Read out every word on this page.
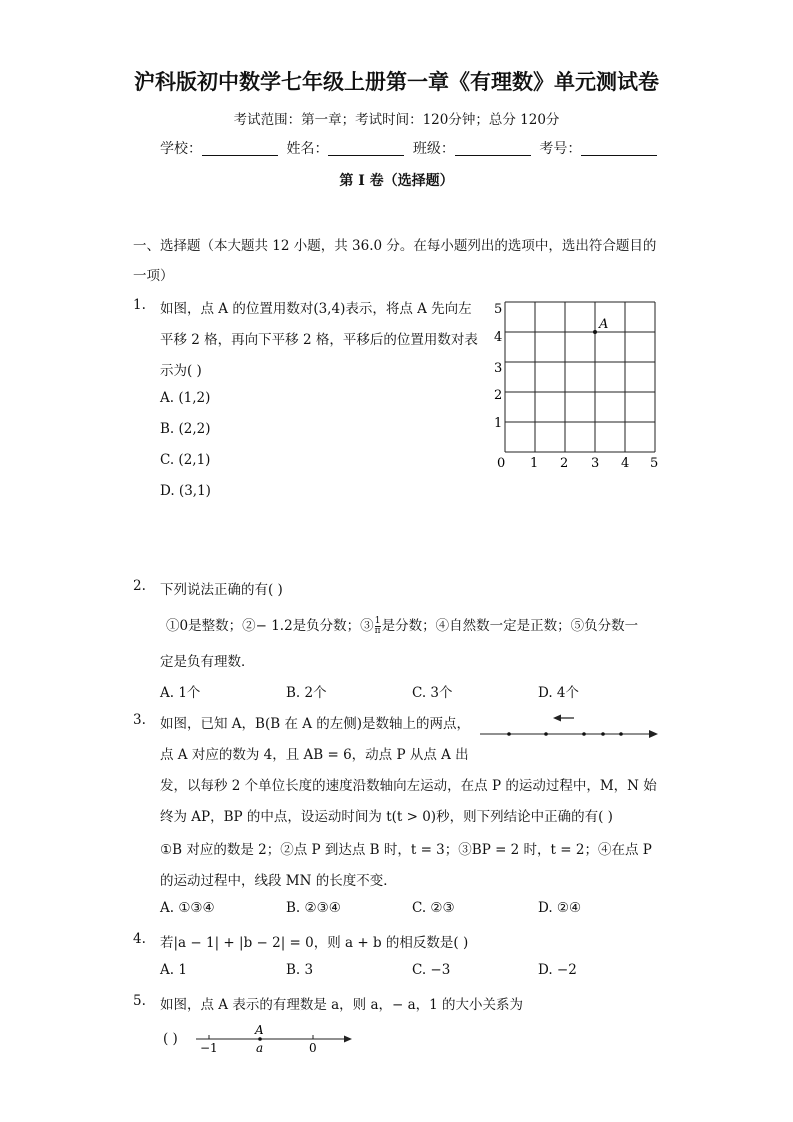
沪科版初中数学七年级上册第一章《有理数》单元测试卷
考试范围：第一章；考试时间：120分钟；总分 120分
学校：	姓名：	班级：	考号：
第 I 卷（选择题）
一、选择题（本大题共 12 小题，共 36.0 分。在每小题列出的选项中，选出符合题目的
一项）
1. 如图，点 A 的位置用数对(3,4)表示，将点 A 先向左
平移 2 格，再向下平移 2 格，平移后的位置用数对表
示为( )
A. (1,2)
B. (2,2)
C. (2,1)
D. (3,1)
A
0 1 2 3 4 5
1
2
3
4
5
A
−1	a	0
2. 下列说法正确的有( )
①0是整数；②− 1.2是负分数；③ $\frac{1}{\pi}$ 是分数；④自然数一定是正数；⑤负分数一
定是负有理数．
A. 1个	B. 2个	C. 3个	D. 4个
3. 如图，已知 A，B(B 在 A 的左侧)是数轴上的两点，
点 A 对应的数为 4，且 AB = 6，动点 P 从点 A 出
发，以每秒 2 个单位长度的速度沿数轴向左运动，在点 P 的运动过程中，M，N 始
终为 AP，BP 的中点，设运动时间为 t(t > 0)秒，则下列结论中正确的有( )
①B 对应的数是 2；②点 P 到达点 B 时，t = 3；③BP = 2 时，t = 2；④在点 P
的运动过程中，线段 MN 的长度不变．
A. ①③④	B. ②③④	C. ②③	D. ②④
4. 若|a − 1| + |b − 2| = 0，则 a + b 的相反数是( )
A. 1	B. 3	C. −3	D. −2
5. 如图，点 A 表示的有理数是 a，则 a，− a，1 的大小关系为
( )
